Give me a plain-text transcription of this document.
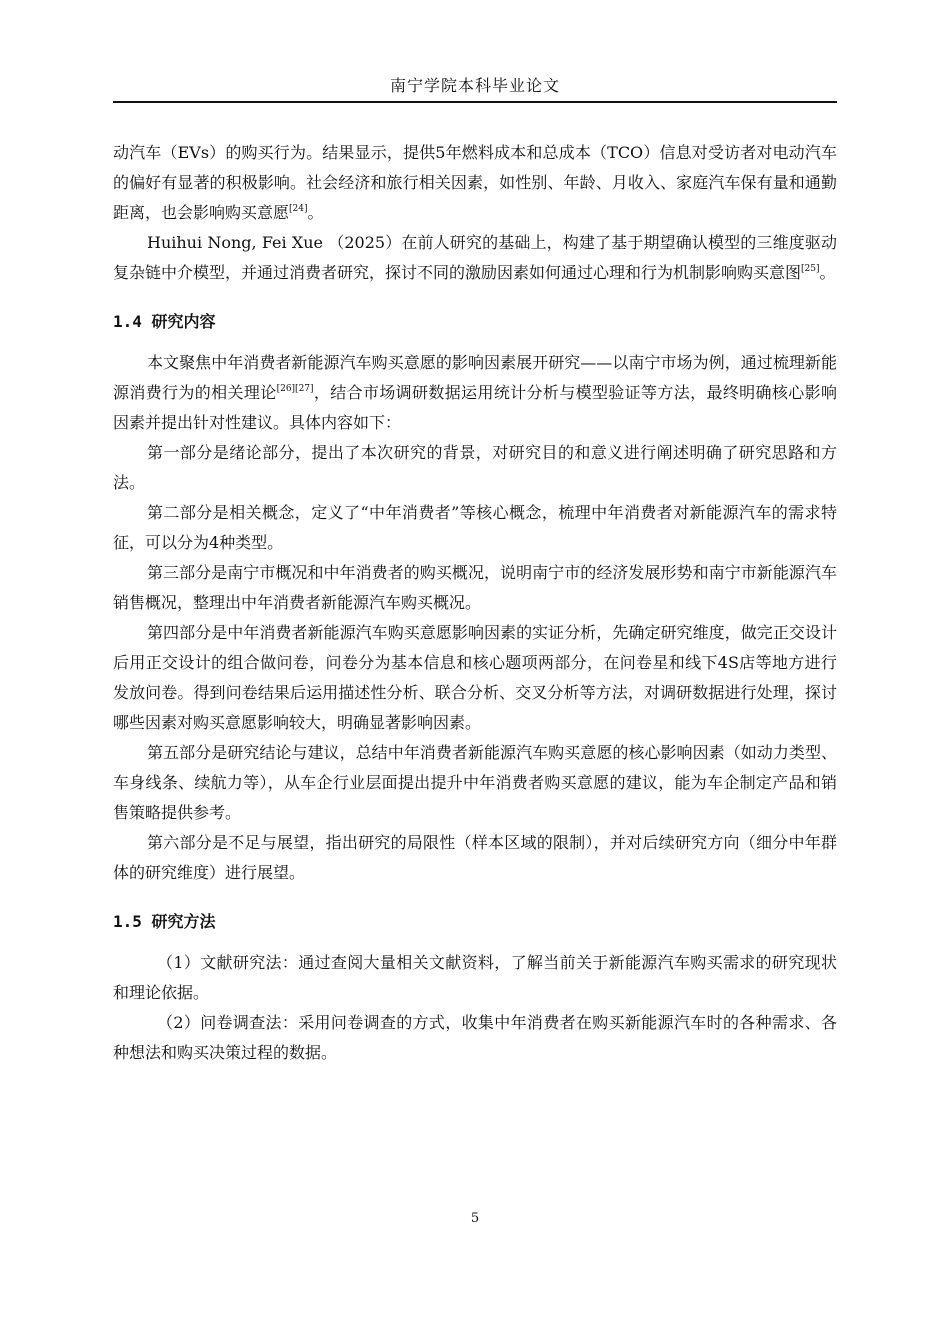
南宁学院本科毕业论文

动汽车（EVs）的购买行为。结果显示，提供5年燃料成本和总成本（TCO）信息对受访者对电动汽车的偏好有显著的积极影响。社会经济和旅行相关因素，如性别、年龄、月收入、家庭汽车保有量和通勤距离，也会影响购买意愿[24]。

Huihui Nong, Fei Xue （2025）在前人研究的基础上，构建了基于期望确认模型的三维度驱动复杂链中介模型，并通过消费者研究，探讨不同的激励因素如何通过心理和行为机制影响购买意图[25]。

1.4 研究内容

本文聚焦中年消费者新能源汽车购买意愿的影响因素展开研究——以南宁市场为例，通过梳理新能源消费行为的相关理论[26][27]，结合市场调研数据运用统计分析与模型验证等方法，最终明确核心影响因素并提出针对性建议。具体内容如下：

第一部分是绪论部分，提出了本次研究的背景，对研究目的和意义进行阐述明确了研究思路和方法。

第二部分是相关概念，定义了“中年消费者”等核心概念，梳理中年消费者对新能源汽车的需求特征，可以分为4种类型。

第三部分是南宁市概况和中年消费者的购买概况，说明南宁市的经济发展形势和南宁市新能源汽车销售概况，整理出中年消费者新能源汽车购买概况。

第四部分是中年消费者新能源汽车购买意愿影响因素的实证分析，先确定研究维度，做完正交设计后用正交设计的组合做问卷，问卷分为基本信息和核心题项两部分，在问卷星和线下4S店等地方进行发放问卷。得到问卷结果后运用描述性分析、联合分析、交叉分析等方法，对调研数据进行处理，探讨哪些因素对购买意愿影响较大，明确显著影响因素。

第五部分是研究结论与建议，总结中年消费者新能源汽车购买意愿的核心影响因素（如动力类型、车身线条、续航力等），从车企行业层面提出提升中年消费者购买意愿的建议，能为车企制定产品和销售策略提供参考。

第六部分是不足与展望，指出研究的局限性（样本区域的限制），并对后续研究方向（细分中年群体的研究维度）进行展望。

1.5 研究方法

（1）文献研究法：通过查阅大量相关文献资料，了解当前关于新能源汽车购买需求的研究现状和理论依据。

（2）问卷调查法：采用问卷调查的方式，收集中年消费者在购买新能源汽车时的各种需求、各种想法和购买决策过程的数据。

5
